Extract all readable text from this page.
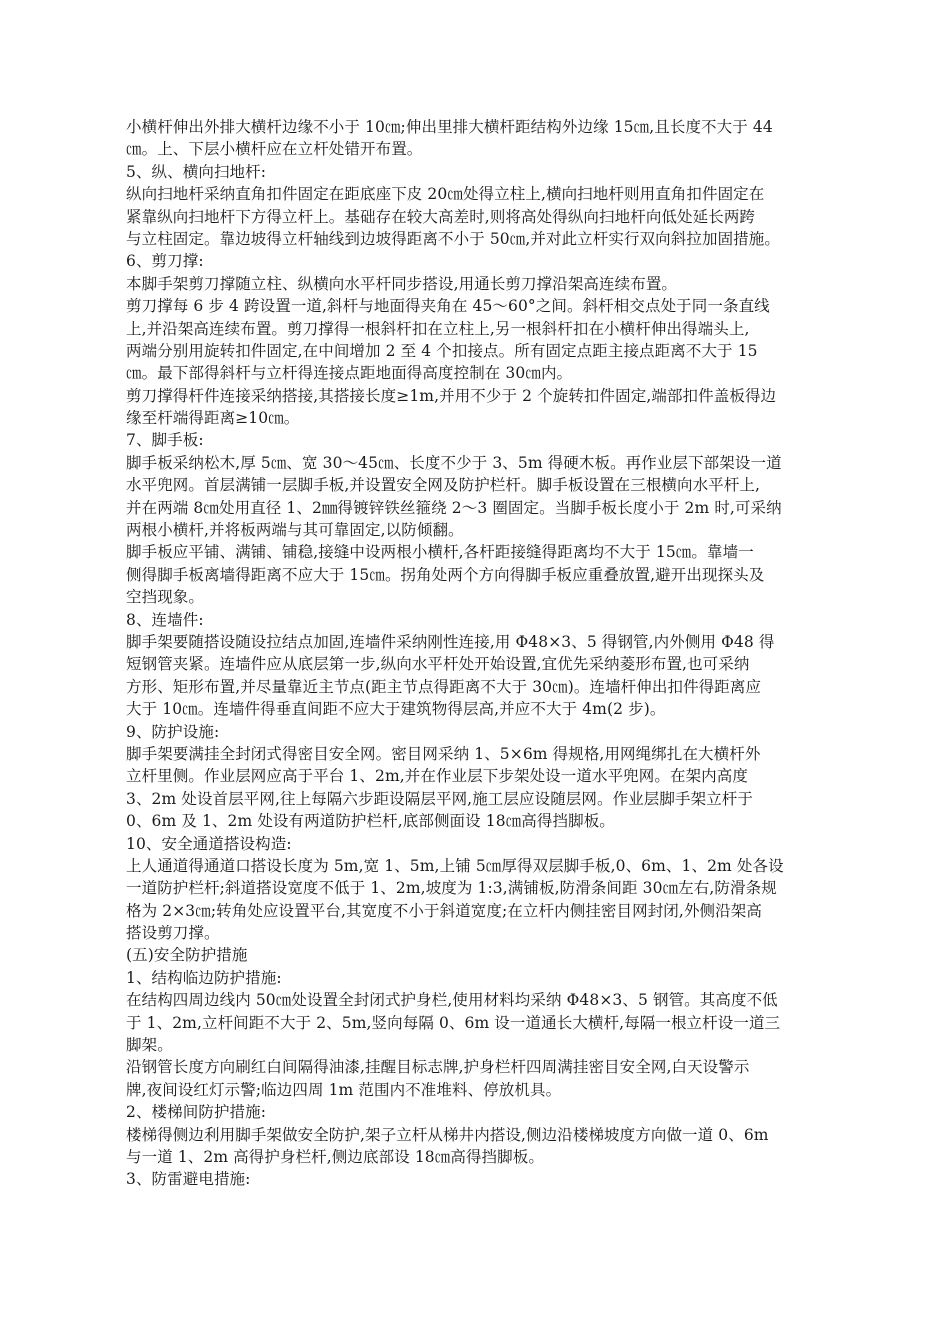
小横杆伸出外排大横杆边缘不小于 10㎝;伸出里排大横杆距结构外边缘 15㎝,且长度不大于 44
㎝。上、下层小横杆应在立杆处错开布置。
5、纵、横向扫地杆:
纵向扫地杆采纳直角扣件固定在距底座下皮 20㎝处得立柱上,横向扫地杆则用直角扣件固定在
紧靠纵向扫地杆下方得立杆上。基础存在较大高差时,则将高处得纵向扫地杆向低处延长两跨
与立柱固定。靠边坡得立杆轴线到边坡得距离不小于 50㎝,并对此立杆实行双向斜拉加固措施。
6、剪刀撑:
本脚手架剪刀撑随立柱、纵横向水平杆同步搭设,用通长剪刀撑沿架高连续布置。
剪刀撑每 6 步 4 跨设置一道,斜杆与地面得夹角在 45～60°之间。斜杆相交点处于同一条直线
上,并沿架高连续布置。剪刀撑得一根斜杆扣在立柱上,另一根斜杆扣在小横杆伸出得端头上,
两端分别用旋转扣件固定,在中间增加 2 至 4 个扣接点。所有固定点距主接点距离不大于 15
㎝。最下部得斜杆与立杆得连接点距地面得高度控制在 30㎝内。
剪刀撑得杆件连接采纳搭接,其搭接长度≥1m,并用不少于 2 个旋转扣件固定,端部扣件盖板得边
缘至杆端得距离≥10㎝。
7、脚手板:
脚手板采纳松木,厚 5㎝、宽 30～45㎝、长度不少于 3、5m 得硬木板。再作业层下部架设一道
水平兜网。首层满铺一层脚手板,并设置安全网及防护栏杆。脚手板设置在三根横向水平杆上,
并在两端 8㎝处用直径 1、2㎜得镀锌铁丝箍绕 2～3 圈固定。当脚手板长度小于 2m 时,可采纳
两根小横杆,并将板两端与其可靠固定,以防倾翻。
脚手板应平铺、满铺、铺稳,接缝中设两根小横杆,各杆距接缝得距离均不大于 15㎝。靠墙一
侧得脚手板离墙得距离不应大于 15㎝。拐角处两个方向得脚手板应重叠放置,避开出现探头及
空挡现象。
8、连墙件:
脚手架要随搭设随设拉结点加固,连墙件采纳刚性连接,用 Φ48×3、5 得钢管,内外侧用 Φ48 得
短钢管夹紧。连墙件应从底层第一步,纵向水平杆处开始设置,宜优先采纳菱形布置,也可采纳
方形、矩形布置,并尽量靠近主节点(距主节点得距离不大于 30㎝)。连墙杆伸出扣件得距离应
大于 10㎝。连墙件得垂直间距不应大于建筑物得层高,并应不大于 4m(2 步)。
9、防护设施:
脚手架要满挂全封闭式得密目安全网。密目网采纳 1、5×6m 得规格,用网绳绑扎在大横杆外
立杆里侧。作业层网应高于平台 1、2m,并在作业层下步架处设一道水平兜网。在架内高度
3、2m 处设首层平网,往上每隔六步距设隔层平网,施工层应设随层网。作业层脚手架立杆于
0、6m 及 1、2m 处设有两道防护栏杆,底部侧面设 18㎝高得挡脚板。
10、安全通道搭设构造:
上人通道得通道口搭设长度为 5m,宽 1、5m,上铺 5㎝厚得双层脚手板,0、6m、1、2m 处各设
一道防护栏杆;斜道搭设宽度不低于 1、2m,坡度为 1:3,满铺板,防滑条间距 30㎝左右,防滑条规
格为 2×3㎝;转角处应设置平台,其宽度不小于斜道宽度;在立杆内侧挂密目网封闭,外侧沿架高
搭设剪刀撑。
(五)安全防护措施
1、结构临边防护措施:
在结构四周边线内 50㎝处设置全封闭式护身栏,使用材料均采纳 Φ48×3、5 钢管。其高度不低
于 1、2m,立杆间距不大于 2、5m,竖向每隔 0、6m 设一道通长大横杆,每隔一根立杆设一道三
脚架。
沿钢管长度方向刷红白间隔得油漆,挂醒目标志牌,护身栏杆四周满挂密目安全网,白天设警示
牌,夜间设红灯示警;临边四周 1m 范围内不准堆料、停放机具。
2、楼梯间防护措施:
楼梯得侧边利用脚手架做安全防护,架子立杆从梯井内搭设,侧边沿楼梯坡度方向做一道 0、6m
与一道 1、2m 高得护身栏杆,侧边底部设 18㎝高得挡脚板。
3、防雷避电措施:
